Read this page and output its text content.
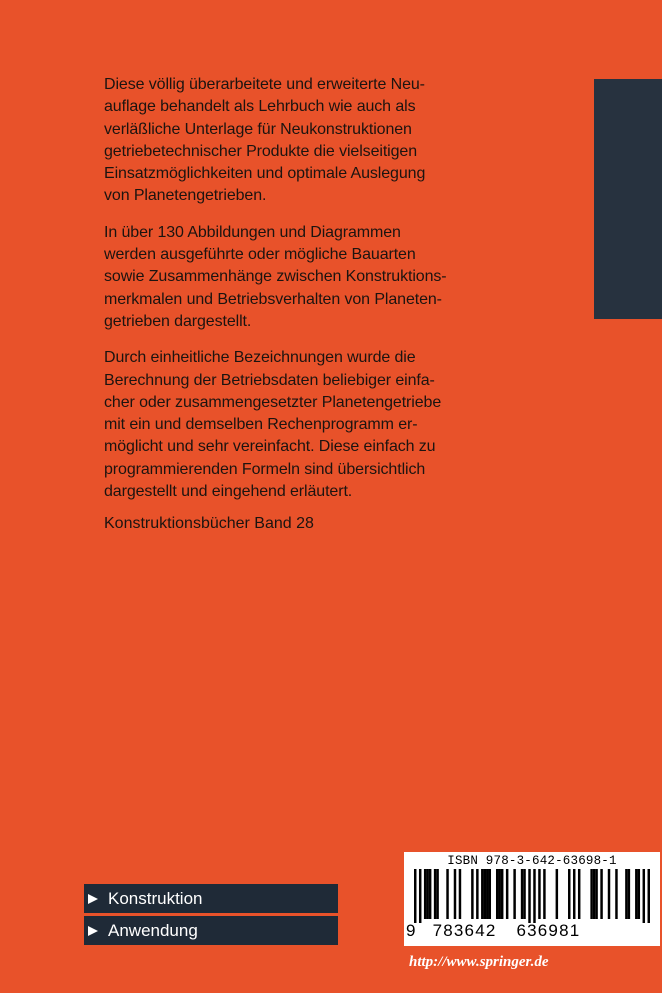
Diese völlig überarbeitete und erweiterte Neu-
auflage behandelt als Lehrbuch wie auch als
verläßliche Unterlage für Neukonstruktionen
getriebetechnischer Produkte die vielseitigen
Einsatzmöglichkeiten und optimale Auslegung
von Planetengetrieben.

In über 130 Abbildungen und Diagrammen
werden ausgeführte oder mögliche Bauarten
sowie Zusammenhänge zwischen Konstruktions-
merkmalen und Betriebsverhalten von Planeten-
getrieben dargestellt.

Durch einheitliche Bezeichnungen wurde die
Berechnung der Betriebsdaten beliebiger einfa-
cher oder zusammengesetzter Planetengetriebe
mit ein und demselben Rechenprogramm er-
möglicht und sehr vereinfacht. Diese einfach zu
programmierenden Formeln sind übersichtlich
dargestellt und eingehend erläutert.

Konstruktionsbücher Band 28
Konstruktion
Anwendung
ISBN 978-3-642-63698-1
9 783642 636981
http://www.springer.de
